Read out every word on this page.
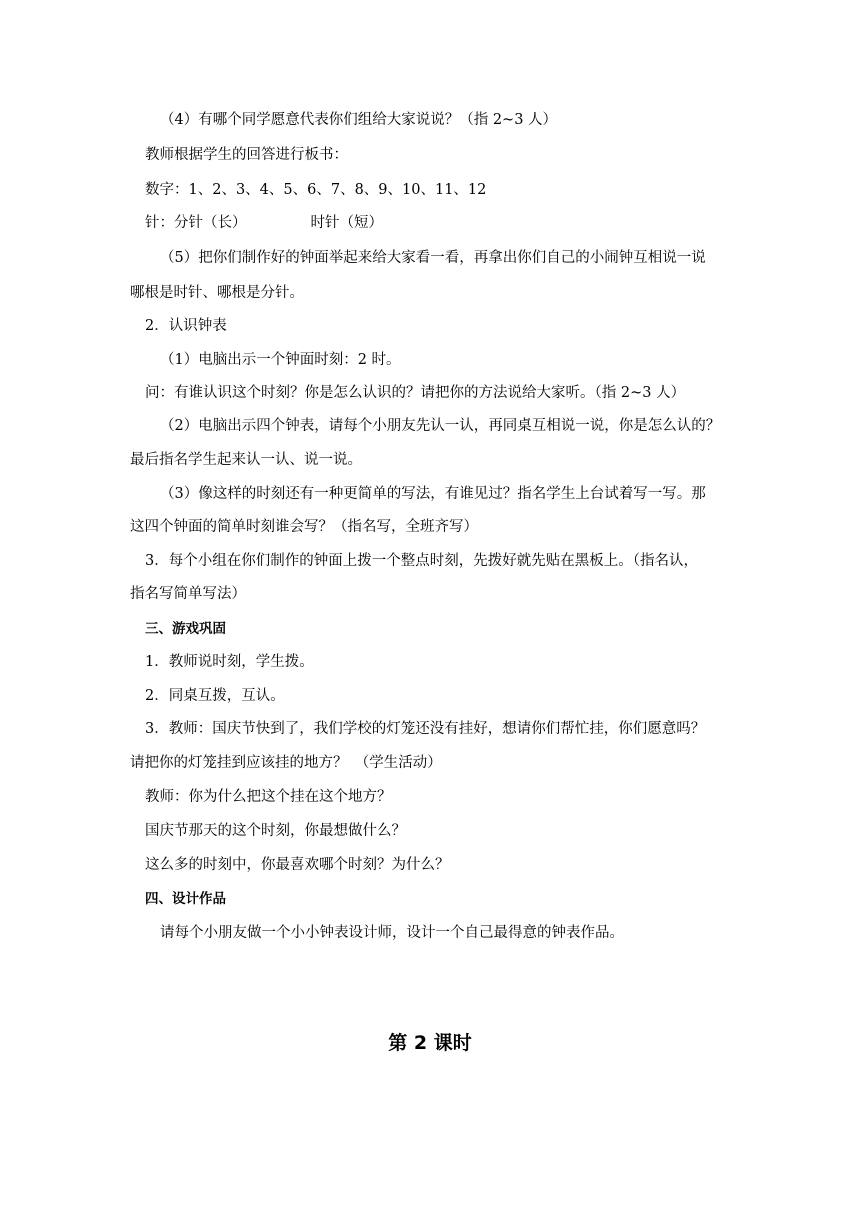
（4）有哪个同学愿意代表你们组给大家说说？（指 2~3 人）
教师根据学生的回答进行板书：
数字：1、2、3、4、5、6、7、8、9、10、11、12
针：分针（长）	时针（短）
（5）把你们制作好的钟面举起来给大家看一看，再拿出你们自己的小闹钟互相说一说
哪根是时针、哪根是分针。
2．认识钟表
（1）电脑出示一个钟面时刻：2 时。
问：有谁认识这个时刻？你是怎么认识的？请把你的方法说给大家听。（指 2~3 人）
（2）电脑出示四个钟表，请每个小朋友先认一认，再同桌互相说一说，你是怎么认的？
最后指名学生起来认一认、说一说。
（3）像这样的时刻还有一种更简单的写法，有谁见过？指名学生上台试着写一写。那
这四个钟面的简单时刻谁会写？（指名写，全班齐写）
3．每个小组在你们制作的钟面上拨一个整点时刻，先拨好就先贴在黑板上。（指名认，
指名写简单写法）
三、游戏巩固
1．教师说时刻，学生拨。
2．同桌互拨，互认。
3．教师：国庆节快到了，我们学校的灯笼还没有挂好，想请你们帮忙挂，你们愿意吗？
请把你的灯笼挂到应该挂的地方？　（学生活动）
教师：你为什么把这个挂在这个地方？
国庆节那天的这个时刻，你最想做什么？
这么多的时刻中，你最喜欢哪个时刻？为什么？
四、设计作品
请每个小朋友做一个小小钟表设计师，设计一个自己最得意的钟表作品。
第 2 课时
